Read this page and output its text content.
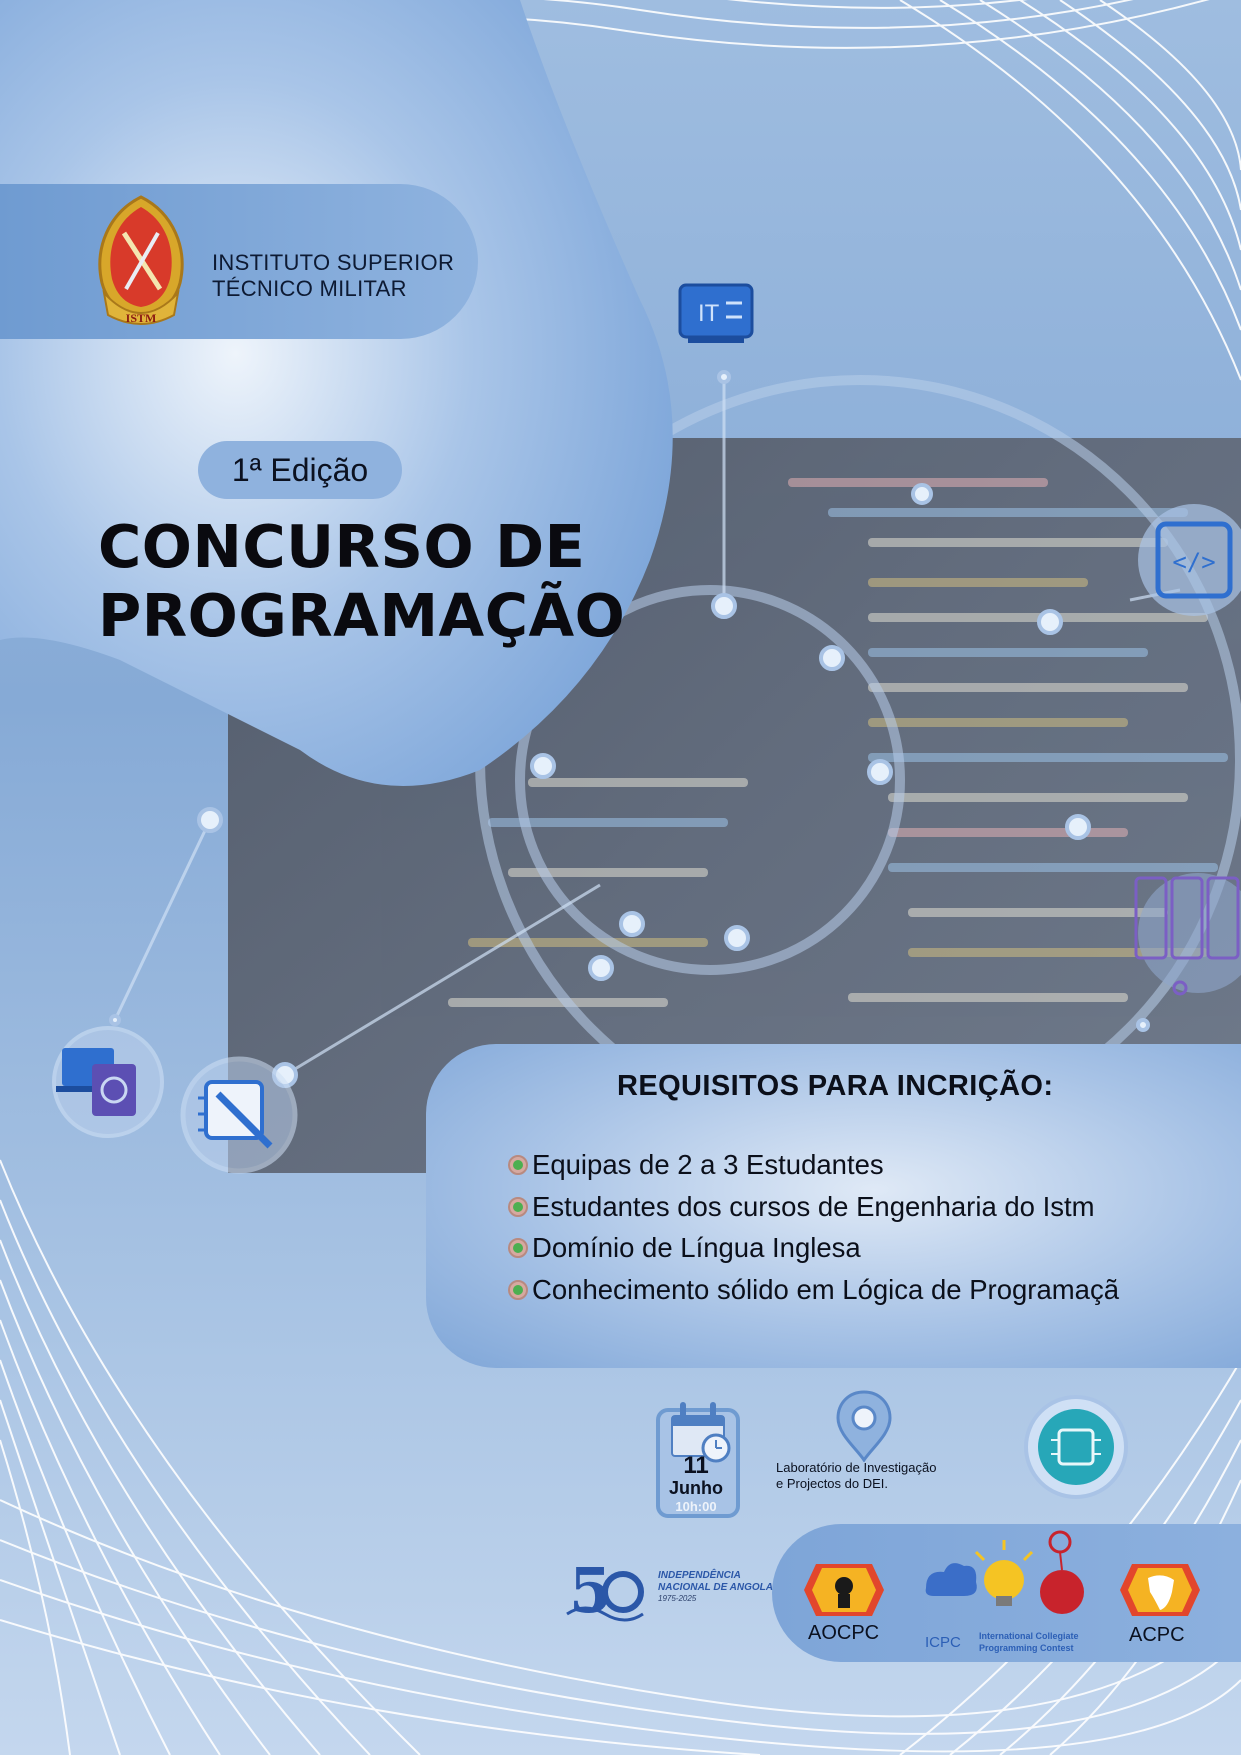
ISTM
INSTITUTO SUPERIOR
TÉCNICO MILITAR
IT
</>
1ª Edição
CONCURSO DE
PROGRAMAÇÃO
REQUISITOS PARA INCRIÇÃO:
Equipas de 2 a 3 Estudantes
Estudantes dos cursos de Engenharia do Istm
Domínio de Língua Inglesa
Conhecimento sólido em Lógica de Programaçã
11
Junho
10h:00
Laboratório de Investigação
e Projectos do DEI.
5	INDEPENDÊNCIA
NACIONAL DE ANGOLA
1975-2025
AOCPC	ICPC International Collegiate
Programming Contest
ACPC
